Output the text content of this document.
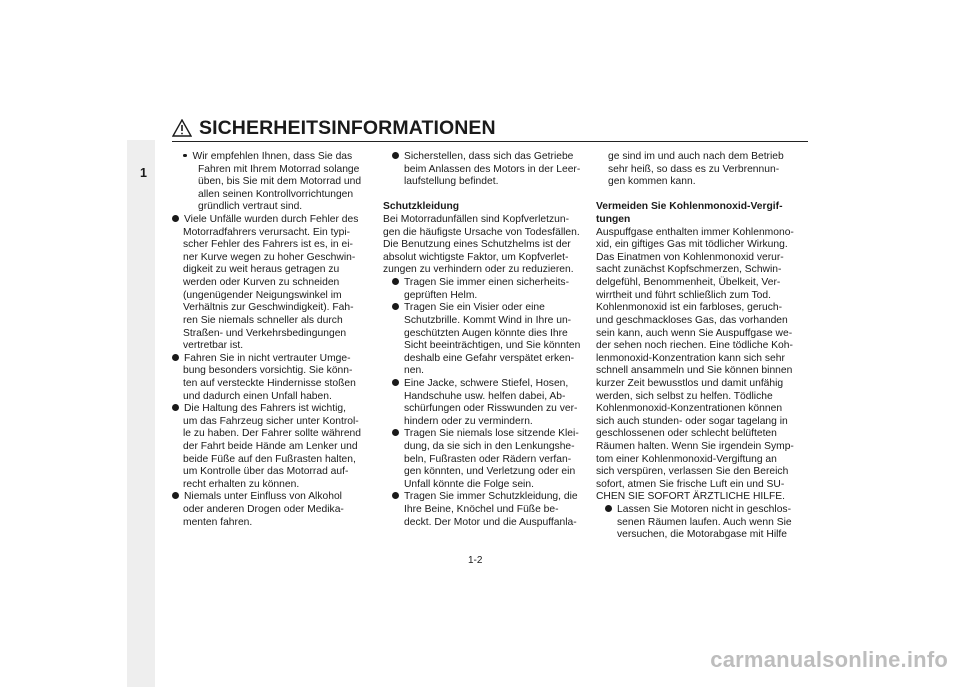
SICHERHEITSINFORMATIONEN
1
Wir empfehlen Ihnen, dass Sie das
Fahren mit Ihrem Motorrad solange
üben, bis Sie mit dem Motorrad und
allen seinen Kontrollvorrichtungen
gründlich vertraut sind.
Viele Unfälle wurden durch Fehler des
Motorradfahrers verursacht. Ein typi-
scher Fehler des Fahrers ist es, in ei-
ner Kurve wegen zu hoher Geschwin-
digkeit zu weit heraus getragen zu
werden oder Kurven zu schneiden
(ungenügender Neigungswinkel im
Verhältnis zur Geschwindigkeit). Fah-
ren Sie niemals schneller als durch
Straßen- und Verkehrsbedingungen
vertretbar ist.
Fahren Sie in nicht vertrauter Umge-
bung besonders vorsichtig. Sie könn-
ten auf versteckte Hindernisse stoßen
und dadurch einen Unfall haben.
Die Haltung des Fahrers ist wichtig,
um das Fahrzeug sicher unter Kontrol-
le zu haben. Der Fahrer sollte während
der Fahrt beide Hände am Lenker und
beide Füße auf den Fußrasten halten,
um Kontrolle über das Motorrad auf-
recht erhalten zu können.
Niemals unter Einfluss von Alkohol
oder anderen Drogen oder Medika-
menten fahren.
Sicherstellen, dass sich das Getriebe
beim Anlassen des Motors in der Leer-
laufstellung befindet.
Schutzkleidung
Bei Motorradunfällen sind Kopfverletzun-
gen die häufigste Ursache von Todesfällen.
Die Benutzung eines Schutzhelms ist der
absolut wichtigste Faktor, um Kopfverlet-
zungen zu verhindern oder zu reduzieren.
Tragen Sie immer einen sicherheits-
geprüften Helm.
Tragen Sie ein Visier oder eine
Schutzbrille. Kommt Wind in Ihre un-
geschützten Augen könnte dies Ihre
Sicht beeinträchtigen, und Sie könnten
deshalb eine Gefahr verspätet erken-
nen.
Eine Jacke, schwere Stiefel, Hosen,
Handschuhe usw. helfen dabei, Ab-
schürfungen oder Risswunden zu ver-
hindern oder zu vermindern.
Tragen Sie niemals lose sitzende Klei-
dung, da sie sich in den Lenkungshe-
beln, Fußrasten oder Rädern verfan-
gen könnten, und Verletzung oder ein
Unfall könnte die Folge sein.
Tragen Sie immer Schutzkleidung, die
Ihre Beine, Knöchel und Füße be-
deckt. Der Motor und die Auspuffanla-
ge sind im und auch nach dem Betrieb
sehr heiß, so dass es zu Verbrennun-
gen kommen kann.
Vermeiden Sie Kohlenmonoxid-Vergif-
tungen
Auspuffgase enthalten immer Kohlenmono-
xid, ein giftiges Gas mit tödlicher Wirkung.
Das Einatmen von Kohlenmonoxid verur-
sacht zunächst Kopfschmerzen, Schwin-
delgefühl, Benommenheit, Übelkeit, Ver-
wirrtheit und führt schließlich zum Tod.
Kohlenmonoxid ist ein farbloses, geruch-
und geschmackloses Gas, das vorhanden
sein kann, auch wenn Sie Auspuffgase we-
der sehen noch riechen. Eine tödliche Koh-
lenmonoxid-Konzentration kann sich sehr
schnell ansammeln und Sie können binnen
kurzer Zeit bewusstlos und damit unfähig
werden, sich selbst zu helfen. Tödliche
Kohlenmonoxid-Konzentrationen können
sich auch stunden- oder sogar tagelang in
geschlossenen oder schlecht belüfteten
Räumen halten. Wenn Sie irgendein Symp-
tom einer Kohlenmonoxid-Vergiftung an
sich verspüren, verlassen Sie den Bereich
sofort, atmen Sie frische Luft ein und SU-
CHEN SIE SOFORT ÄRZTLICHE HILFE.
Lassen Sie Motoren nicht in geschlos-
senen Räumen laufen. Auch wenn Sie
versuchen, die Motorabgase mit Hilfe
1-2
carmanualsonline.info
